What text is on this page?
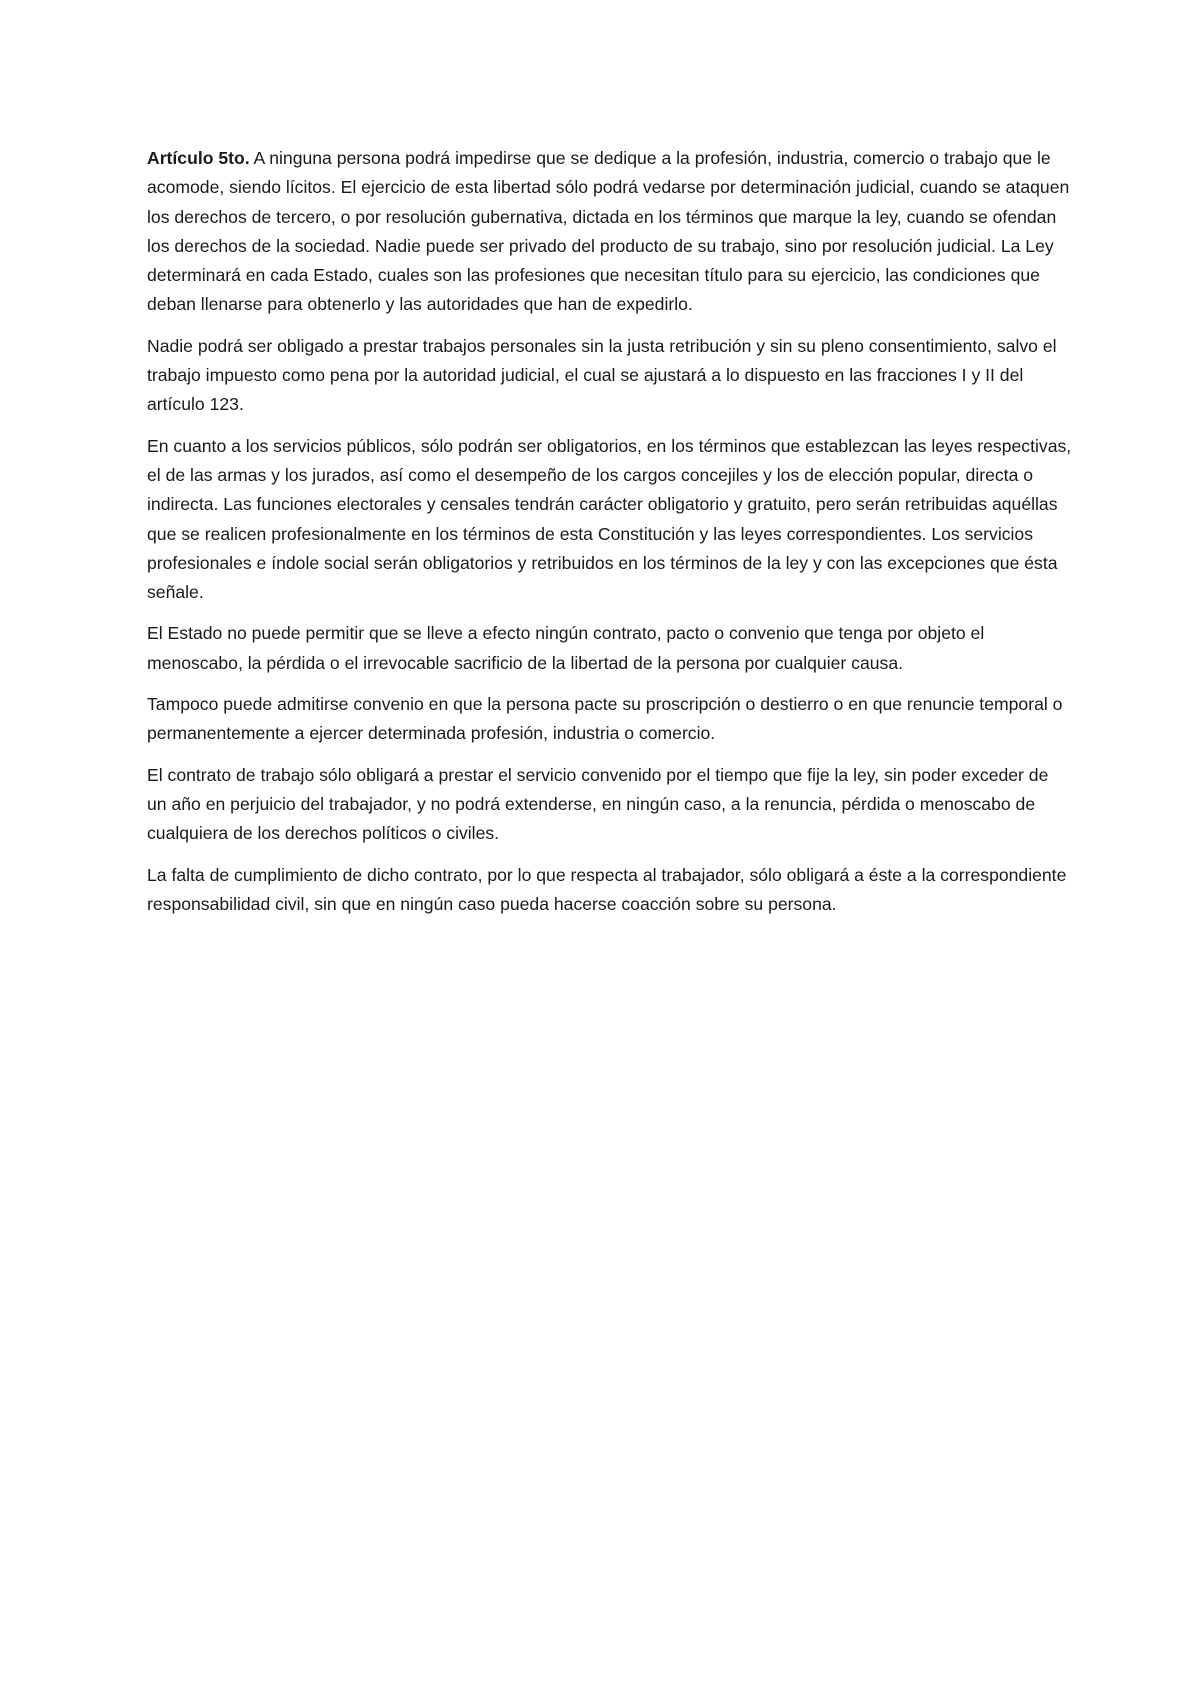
Artículo 5to. A ninguna persona podrá impedirse que se dedique a la profesión, industria, comercio o trabajo que le acomode, siendo lícitos. El ejercicio de esta libertad sólo podrá vedarse por determinación judicial, cuando se ataquen los derechos de tercero, o por resolución gubernativa, dictada en los términos que marque la ley, cuando se ofendan los derechos de la sociedad. Nadie puede ser privado del producto de su trabajo, sino por resolución judicial. La Ley determinará en cada Estado, cuales son las profesiones que necesitan título para su ejercicio, las condiciones que deban llenarse para obtenerlo y las autoridades que han de expedirlo.

Nadie podrá ser obligado a prestar trabajos personales sin la justa retribución y sin su pleno consentimiento, salvo el trabajo impuesto como pena por la autoridad judicial, el cual se ajustará a lo dispuesto en las fracciones I y II del artículo 123.

En cuanto a los servicios públicos, sólo podrán ser obligatorios, en los términos que establezcan las leyes respectivas, el de las armas y los jurados, así como el desempeño de los cargos concejiles y los de elección popular, directa o indirecta. Las funciones electorales y censales tendrán carácter obligatorio y gratuito, pero serán retribuidas aquéllas que se realicen profesionalmente en los términos de esta Constitución y las leyes correspondientes. Los servicios profesionales e índole social serán obligatorios y retribuidos en los términos de la ley y con las excepciones que ésta señale.

El Estado no puede permitir que se lleve a efecto ningún contrato, pacto o convenio que tenga por objeto el menoscabo, la pérdida o el irrevocable sacrificio de la libertad de la persona por cualquier causa.

Tampoco puede admitirse convenio en que la persona pacte su proscripción o destierro o en que renuncie temporal o permanentemente a ejercer determinada profesión, industria o comercio.

El contrato de trabajo sólo obligará a prestar el servicio convenido por el tiempo que fije la ley, sin poder exceder de un año en perjuicio del trabajador, y no podrá extenderse, en ningún caso, a la renuncia, pérdida o menoscabo de cualquiera de los derechos políticos o civiles.

La falta de cumplimiento de dicho contrato, por lo que respecta al trabajador, sólo obligará a éste a la correspondiente responsabilidad civil, sin que en ningún caso pueda hacerse coacción sobre su persona.
